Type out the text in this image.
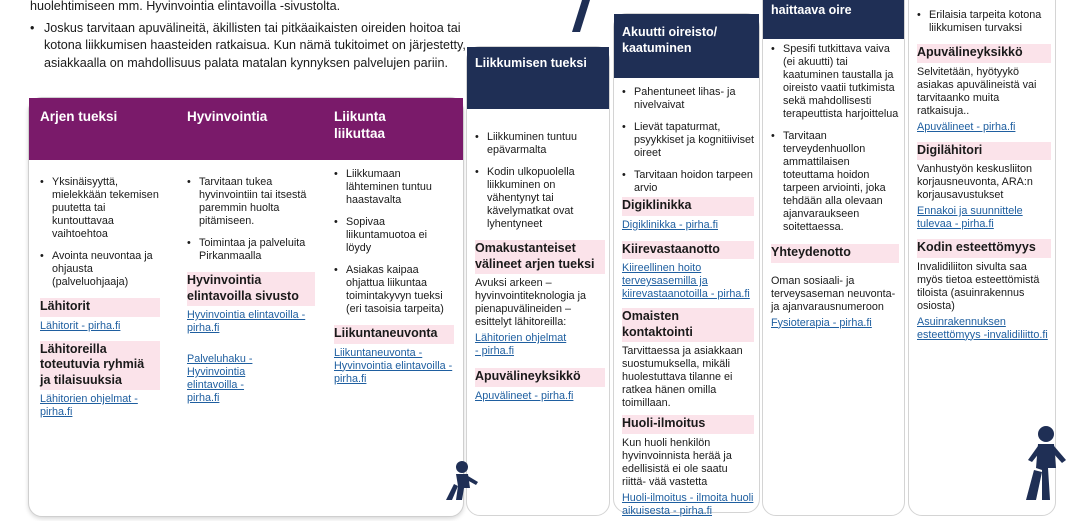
huolehtimiseen mm. Hyvinvointia elintavoilla -sivustolta.

• Joskus tarvitaan apuvälineitä, äkillisten tai pitkäaikaisten oireiden hoitoa tai kotona liikkumisen haasteiden ratkaisua. Kun nämä tukitoimet on järjestetty, asiakkaalla on mahdollisuus palata matalan kynnyksen palvelujen pariin.

Arjen tueksi	Hyvinvointia	Liikunta liikuttaa
• Yksinäisyyttä, mielekkään tekemisen puutetta tai kuntouttavaa vaihtoehtoa
• Avointa neuvontaa ja ohjausta (palveluohjaaja)
Lähitorit
Lähitorit - pirha.fi
Lähitoreilla toteutuvia ryhmiä ja tilaisuuksia
Lähitorien ohjelmat - pirha.fi
• Tarvitaan tukea hyvinvointiin tai itsestä paremmin huolta pitämiseen.
• Toimintaa ja palveluita Pirkanmaalla
Hyvinvointia elintavoilla sivusto
Hyvinvointia elintavoilla - pirha.fi
Palveluhaku - Hyvinvointia elintavoilla - pirha.fi
• Liikkumaan lähteminen tuntuu haastavalta
• Sopivaa liikuntamuotoa ei löydy
• Asiakas kaipaa ohjattua liikuntaa toimintakyvyn tueksi (eri tasoisia tarpeita)
Liikuntaneuvonta
Liikuntaneuvonta - Hyvinvointia elintavoilla - pirha.fi
Liikkumisen tueksi
• Liikkuminen tuntuu epävarmalta
• Kodin ulkopuolella liikkuminen on vähentynyt tai kävelymatkat ovat lyhentyneet
Omakustanteiset välineet arjen tueksi
Avuksi arkeen – hyvinvointiteknologia ja pienapuvälineiden –esittelyt lähitoreilla:
Lähitorien ohjelmat - pirha.fi
Apuvälineyksikkö
Apuvälineet - pirha.fi
Akuutti oireisto/ kaatuminen
• Pahentuneet lihas- ja nivelvaivat
• Lievät tapaturmat, psyykkiset ja kognitiiviset oireet
• Tarvitaan hoidon tarpeen arvio
Digiklinikka
Digiklinikka - pirha.fi
Kiirevastaanotto
Kiireellinen hoito terveysasemilla ja kiirevastaanotoilla - pirha.fi
Omaisten kontaktointi
Tarvittaessa ja asiakkaan suostumuksella, mikäli huolestuttava tilanne ei ratkea hänen omilla toimillaan.
Huoli-ilmoitus
Kun huoli henkilön hyvinvoinnista herää ja edellisistä ei ole saatu riittä- vää vastetta
Huoli-ilmoitus - ilmoita huoli aikuisesta - pirha.fi
haittaava oire
• Spesifi tutkittava vaiva (ei akuutti) tai kaatuminen taustalla ja oireisto vaatii tutkimista sekä mahdollisesti terapeuttista harjoittelua
• Tarvitaan terveydenhuollon ammattilaisen toteuttama hoidon tarpeen arviointi, joka tehdään alla olevaan ajanvaraukseen soitettaessa.
Yhteydenotto
Oman sosiaali- ja terveysaseman neuvonta- ja ajanvarausnumeroon
Fysioterapia - pirha.fi
• Erilaisia tarpeita kotona liikkumisen turvaksi
Apuvälineyksikkö
Selvitetään, hyötyykö asiakas apuvälineistä vai tarvitaanko muita ratkaisuja..
Apuvälineet - pirha.fi
Digilähitori
Vanhustyön keskusliiton korjausneuvonta, ARA:n korjausavustukset
Ennakoi ja suunnittele tulevaa - pirha.fi
Kodin esteettömyys
Invalidiliiton sivulta saa myös tietoa esteettömistä tiloista (asuinrakennus osiosta)
Asuinrakennuksen esteettömyys -invalidiliitto.fi
